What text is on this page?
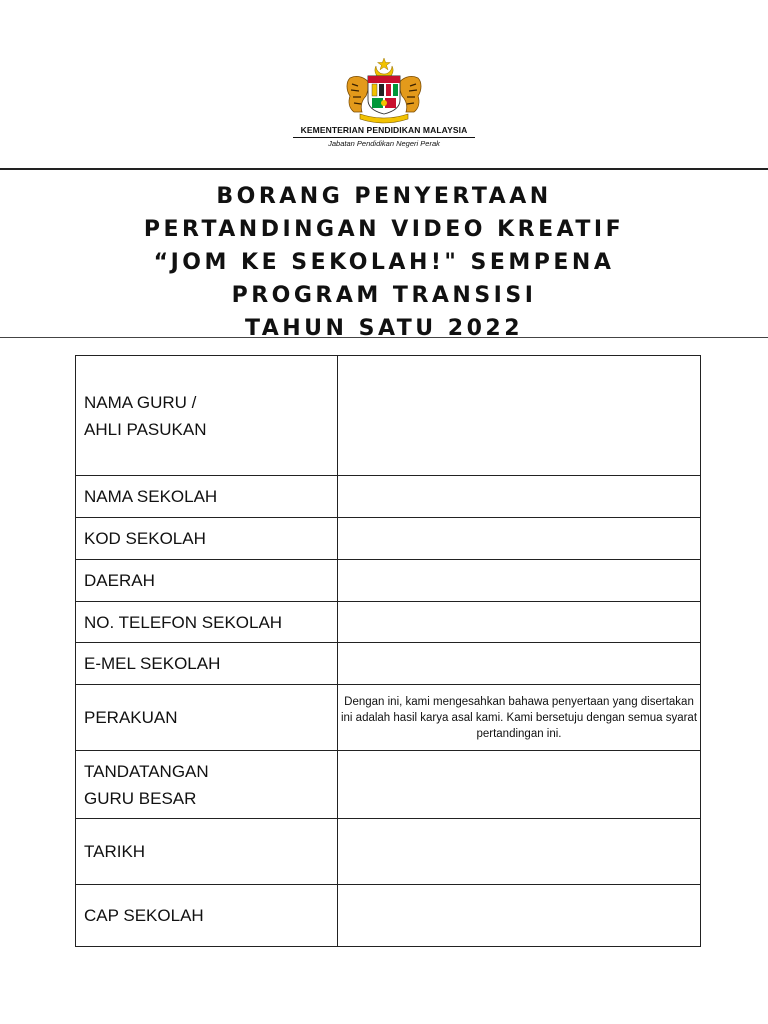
KEMENTERIAN PENDIDIKAN MALAYSIA

Jabatan Pendidikan Negeri Perak

BORANG PENYERTAAN

PERTANDINGAN VIDEO KREATIF

“JOM KE SEKOLAH!" SEMPENA

PROGRAM TRANSISI

TAHUN SATU 2022

NAMA GURU /
AHLI PASUKAN	
NAMA SEKOLAH	
KOD SEKOLAH	
DAERAH	
NO. TELEFON SEKOLAH	
E-MEL SEKOLAH	
PERAKUAN	Dengan ini, kami mengesahkan bahawa penyertaan yang disertakan ini adalah hasil karya asal kami. Kami bersetuju dengan semua syarat pertandingan ini.
TANDATANGAN
GURU BESAR	
TARIKH	
CAP SEKOLAH	
